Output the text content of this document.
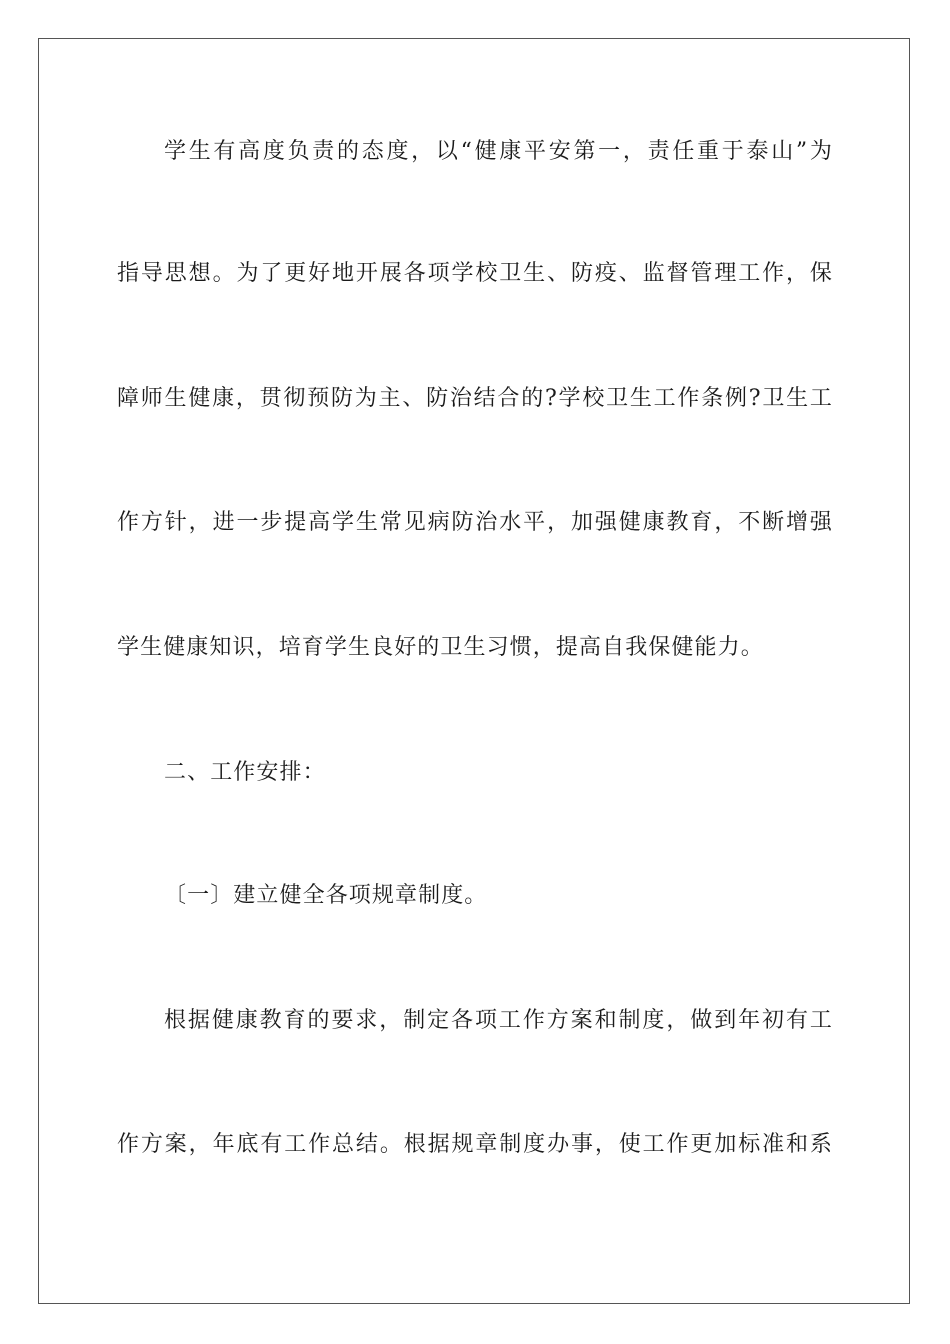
学生有高度负责的态度，以“健康平安第一，责任重于泰山”为
指导思想。为了更好地开展各项学校卫生、防疫、监督管理工作，保
障师生健康，贯彻预防为主、防治结合的?学校卫生工作条例?卫生工
作方针，进一步提高学生常见病防治水平，加强健康教育，不断增强
学生健康知识，培育学生良好的卫生习惯，提高自我保健能力。
二、工作安排：
〔一〕建立健全各项规章制度。
根据健康教育的要求，制定各项工作方案和制度，做到年初有工
作方案，年底有工作总结。根据规章制度办事，使工作更加标准和系
